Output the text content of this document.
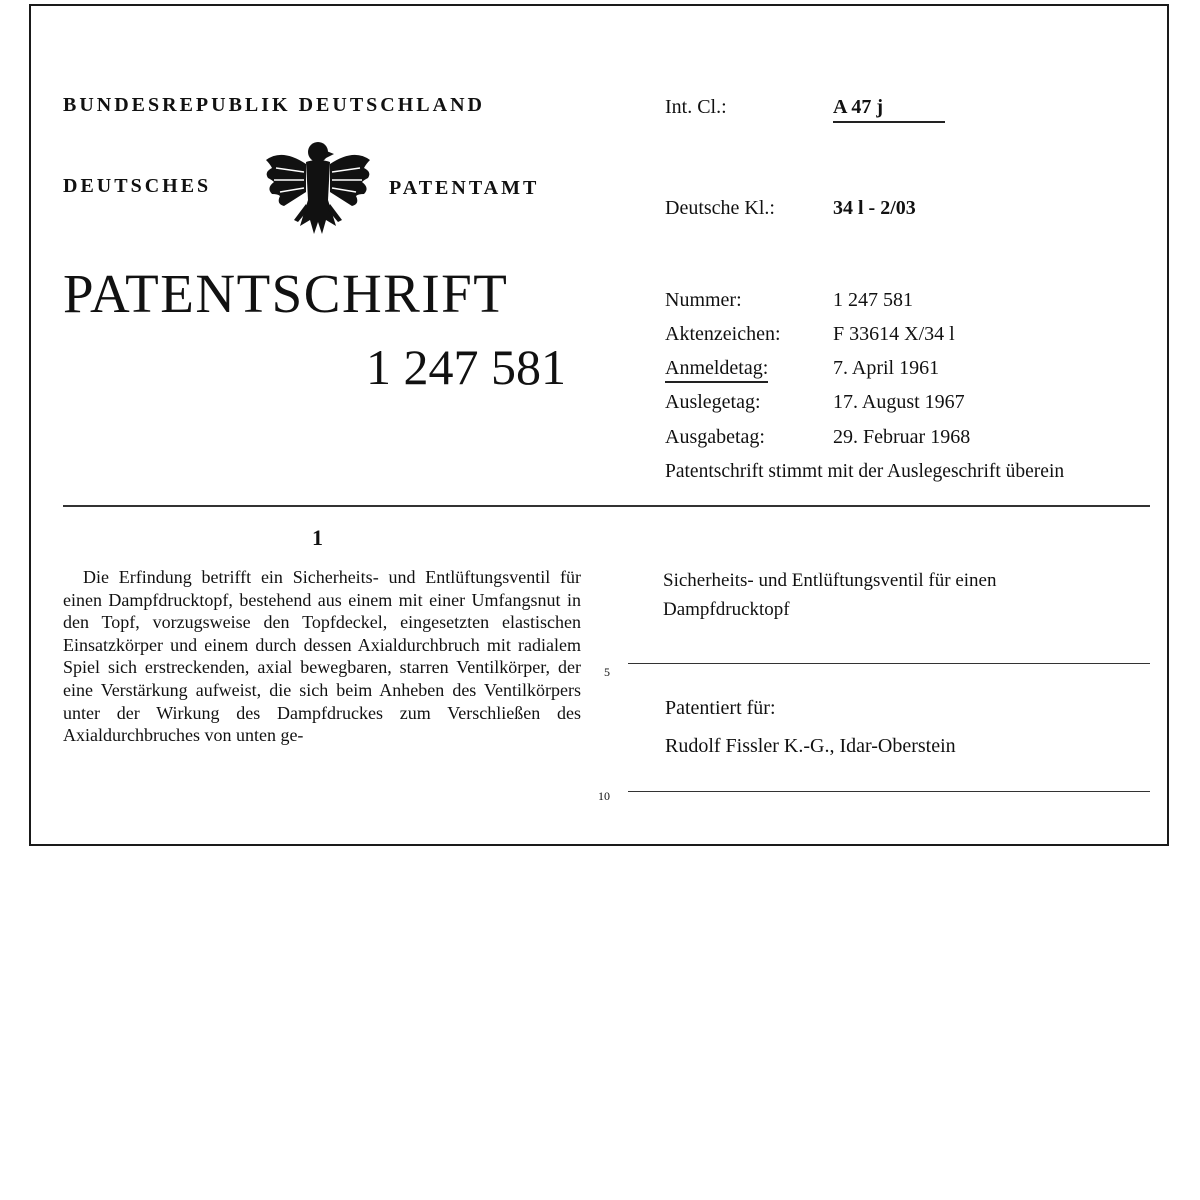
BUNDESREPUBLIK DEUTSCHLAND
DEUTSCHES	PATENTAMT
PATENTSCHRIFT
1 247 581
Int. Cl.:	A 47 j
Deutsche Kl.:	34 l - 2/03
Nummer:	1 247 581
Aktenzeichen:	F 33614 X/34 l
Anmeldetag:	7. April 1961
Auslegetag:	17. August 1967
Ausgabetag:	29. Februar 1968
Patentschrift stimmt mit der Auslegeschrift überein
1

Die Erfindung betrifft ein Sicherheits- und Entlüftungsventil für einen Dampfdrucktopf, bestehend aus einem mit einer Umfangsnut in den Topf, vorzugsweise den Topfdeckel, eingesetzten elastischen Einsatzkörper und einem durch dessen Axialdurchbruch mit radialem Spiel sich erstreckenden, axial bewegbaren, starren Ventilkörper, der eine Verstärkung aufweist, die sich beim Anheben des Ventilkörpers unter der Wirkung des Dampfdruckes zum Verschließen des Axialdurchbruches von unten ge-

5
10
Sicherheits- und Entlüftungsventil für einen Dampfdrucktopf
Patentiert für:
Rudolf Fissler K.-G., Idar-Oberstein
